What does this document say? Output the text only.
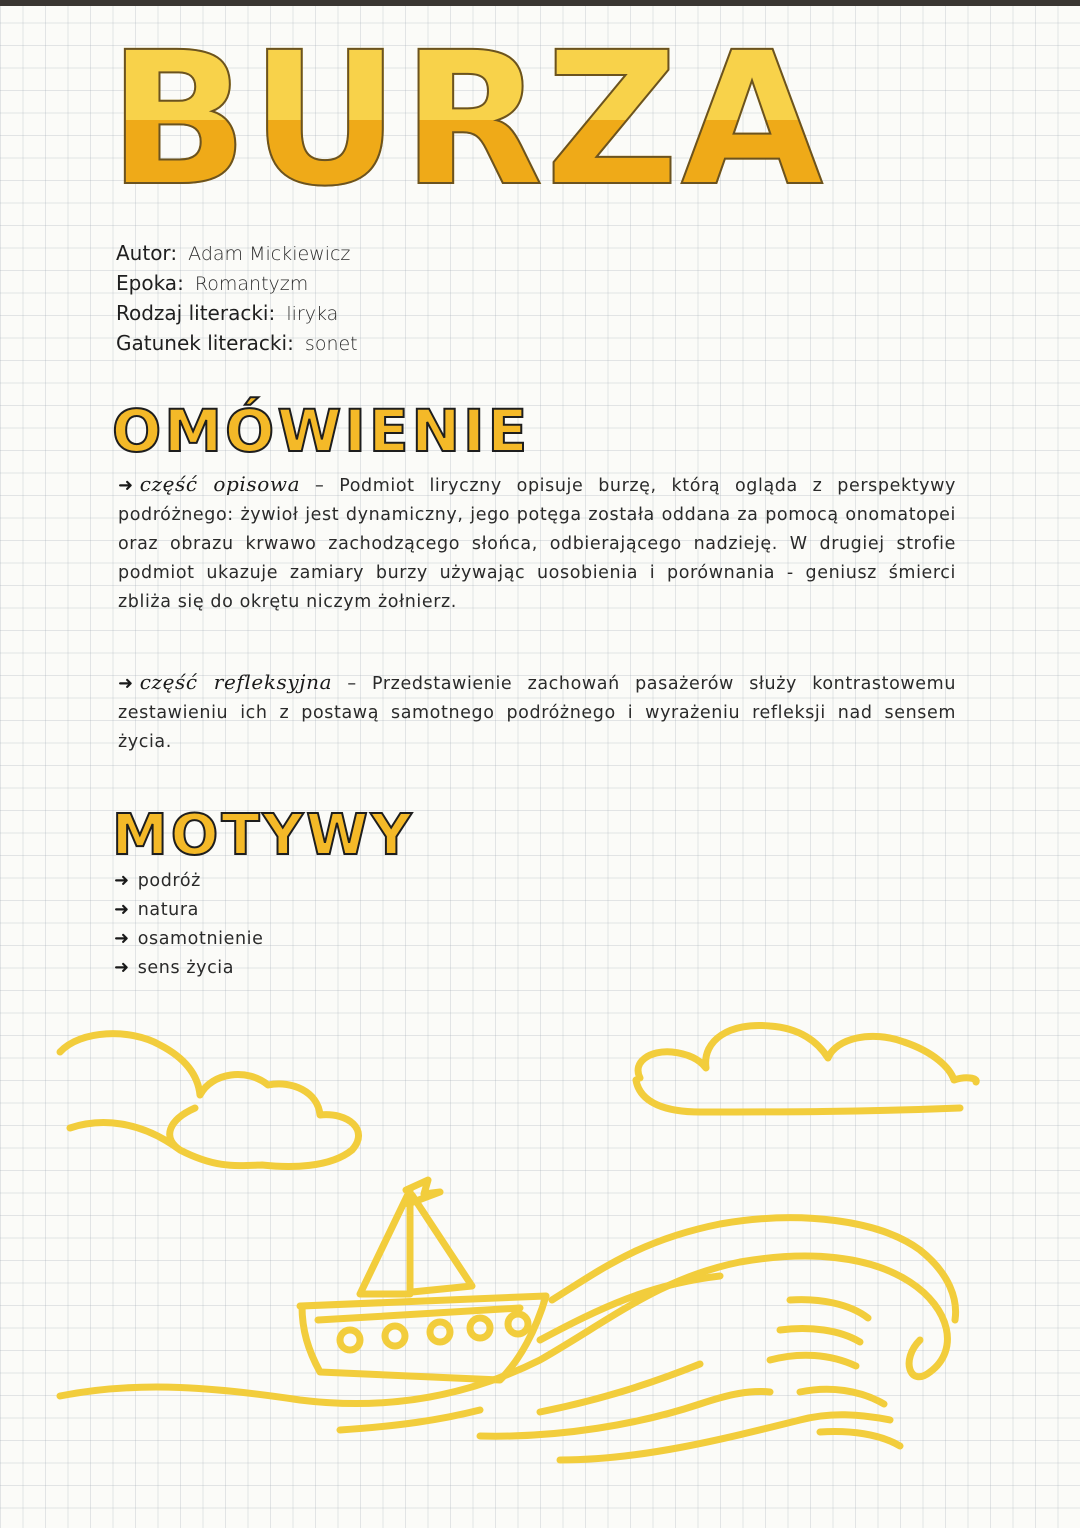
BURZA
Autor: Adam Mickiewicz
Epoka: Romantyzm
Rodzaj literacki: liryka
Gatunek literacki: sonet
OMÓWIENIE

➜ część opisowa – Podmiot liryczny opisuje burzę, którą ogląda z perspektywy podróżnego: żywioł jest dynamiczny, jego potęga została oddana za pomocą onomatopei oraz obrazu krwawo zachodzącego słońca, odbierającego nadzieję. W drugiej strofie podmiot ukazuje zamiary burzy używając uosobienia i porównania - geniusz śmierci zbliża się do okrętu niczym żołnierz.

➜ część refleksyjna – Przedstawienie zachowań pasażerów służy kontrastowemu zestawieniu ich z postawą samotnego podróżnego i wyrażeniu refleksji nad sensem życia.

MOTYWY
➜ podróż
➜ natura
➜ osamotnienie
➜ sens życia
